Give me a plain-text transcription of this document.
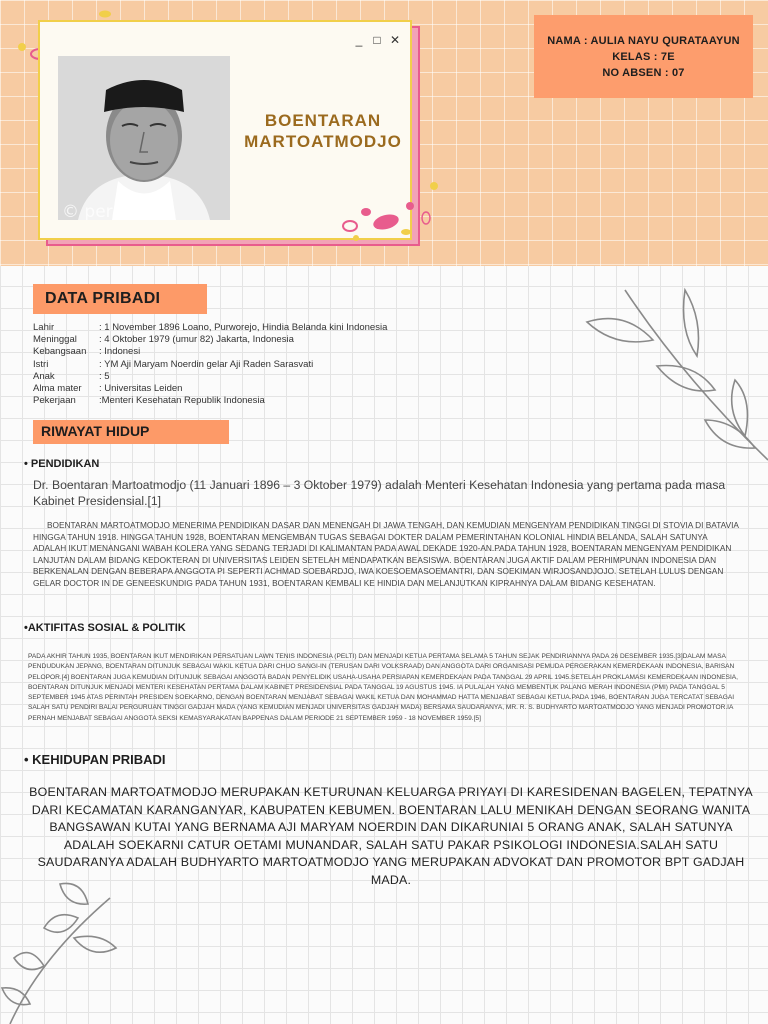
_ □ ✕
© perpusnas
BOENTARAN
MARTOATMODJO
NAMA : AULIA NAYU QURATAAYUN
KELAS : 7E
NO ABSEN : 07
DATA PRIBADI
Lahir	: 1 November 1896 Loano, Purworejo, Hindia Belanda kini Indonesia
Meninggal	: 4 Oktober 1979 (umur 82) Jakarta, Indonesia
Kebangsaan	: Indonesi
Istri	: YM Aji Maryam Noerdin gelar Aji Raden Sarasvati
Anak	: 5
Alma mater	: Universitas Leiden
Pekerjaan	:Menteri Kesehatan Republik Indonesia
RIWAYAT HIDUP
• PENDIDIKAN
Dr. Boentaran Martoatmodjo (11 Januari 1896 – 3 Oktober 1979) adalah Menteri Kesehatan Indonesia yang pertama pada masa Kabinet Presidensial.[1]
BOENTARAN MARTOATMODJO MENERIMA PENDIDIKAN DASAR DAN MENENGAH DI JAWA TENGAH, DAN KEMUDIAN MENGENYAM PENDIDIKAN TINGGI DI STOVIA DI BATAVIA HINGGA TAHUN 1918. HINGGA TAHUN 1928, BOENTARAN MENGEMBAN TUGAS SEBAGAI DOKTER DALAM PEMERINTAHAN KOLONIAL HINDIA BELANDA, SALAH SATUNYA ADALAH IKUT MENANGANI WABAH KOLERA YANG SEDANG TERJADI DI KALIMANTAN PADA AWAL DEKADE 1920-AN.PADA TAHUN 1928, BOENTARAN MENGENYAM PENDIDIKAN LANJUTAN DALAM BIDANG KEDOKTERAN DI UNIVERSITAS LEIDEN SETELAH MENDAPATKAN BEASISWA. BOENTARAN JUGA AKTIF DALAM PERHIMPUNAN INDONESIA DAN BERKENALAN DENGAN BEBERAPA ANGGOTA PI SEPERTI ACHMAD SOEBARDJO, IWA KOESOEMASOEMANTRI, DAN SOEKIMAN WIRJOSANDJOJO. SETELAH LULUS DENGAN GELAR DOCTOR IN DE GENEESKUNDIG PADA TAHUN 1931, BOENTARAN KEMBALI KE HINDIA DAN MELANJUTKAN KIPRAHNYA DALAM BIDANG KESEHATAN.
•AKTIFITAS SOSIAL & POLITIK
PADA AKHIR TAHUN 1935, BOENTARAN IKUT MENDIRIKAN PERSATUAN LAWN TENIS INDONESIA (PELTI) DAN MENJADI KETUA PERTAMA SELAMA 5 TAHUN SEJAK PENDIRIANNYA PADA 26 DESEMBER 1935.[3]DALAM MASA PENDUDUKAN JEPANG, BOENTARAN DITUNJUK SEBAGAI WAKIL KETUA DARI CHUO SANGI-IN (TERUSAN DARI VOLKSRAAD) DAN ANGGOTA DARI ORGANISASI PEMUDA PERGERAKAN KEMERDEKAAN INDONESIA, BARISAN PELOPOR.[4] BOENTARAN JUGA KEMUDIAN DITUNJUK SEBAGAI ANGGOTA BADAN PENYELIDIK USAHA-USAHA PERSIAPAN KEMERDEKAAN PADA TANGGAL 29 APRIL 1945.SETELAH PROKLAMASI KEMERDEKAAN INDONESIA, BOENTARAN DITUNJUK MENJADI MENTERI KESEHATAN PERTAMA DALAM KABINET PRESIDENSIAL PADA TANGGAL 19 AGUSTUS 1945. IA PULALAH YANG MEMBENTUK PALANG MERAH INDONESIA (PMI) PADA TANGGAL 5 SEPTEMBER 1945 ATAS PERINTAH PRESIDEN SOEKARNO, DENGAN BOENTARAN MENJABAT SEBAGAI WAKIL KETUA DAN MOHAMMAD HATTA MENJABAT SEBAGAI KETUA.PADA 1946, BOENTARAN JUGA TERCATAT SEBAGAI SALAH SATU PENDIRI BALAI PERGURUAN TINGGI GADJAH MADA (YANG KEMUDIAN MENJADI UNIVERSITAS GADJAH MADA) BERSAMA SAUDARANYA, MR. R. S. BUDHYARTO MARTOATMODJO YANG MENJADI PROMOTOR.IA PERNAH MENJABAT SEBAGAI ANGGOTA SEKSI KEMASYARAKATAN BAPPENAS DALAM PERIODE 21 SEPTEMBER 1959 - 18 NOVEMBER 1959.[5]
• KEHIDUPAN PRIBADI
BOENTARAN MARTOATMODJO MERUPAKAN KETURUNAN KELUARGA PRIYAYI DI KARESIDENAN BAGELEN, TEPATNYA DARI KECAMATAN KARANGANYAR, KABUPATEN KEBUMEN. BOENTARAN LALU MENIKAH DENGAN SEORANG WANITA BANGSAWAN KUTAI YANG BERNAMA AJI MARYAM NOERDIN DAN DIKARUNIAI 5 ORANG ANAK, SALAH SATUNYA ADALAH SOEKARNI CATUR OETAMI MUNANDAR, SALAH SATU PAKAR PSIKOLOGI INDONESIA.SALAH SATU SAUDARANYA ADALAH BUDHYARTO MARTOATMODJO YANG MERUPAKAN ADVOKAT DAN PROMOTOR BPT GADJAH MADA.
